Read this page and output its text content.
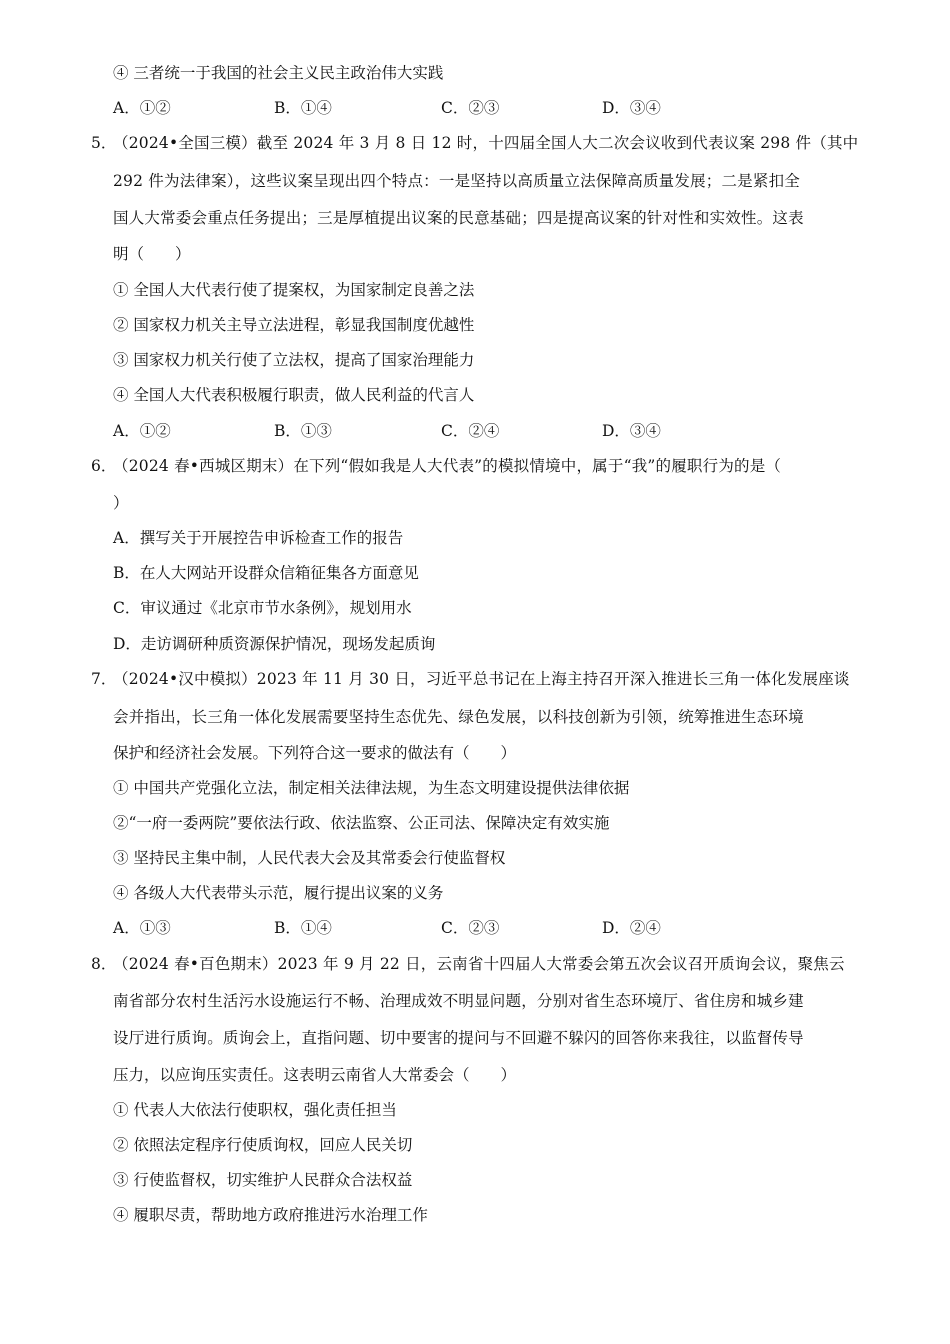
④ 三者统一于我国的社会主义民主政治伟大实践
A．①②	B．①④	C．②③	D．③④
5．
（2024•全国三模）截至 2024 年 3 月 8 日 12 时，十四届全国人大二次会议收到代表议案 298 件（其中
292 件为法律案），这些议案呈现出四个特点：一是坚持以高质量立法保障高质量发展；二是紧扣全
国人大常委会重点任务提出；三是厚植提出议案的民意基础；四是提高议案的针对性和实效性。这表
明（　　）
① 全国人大代表行使了提案权，为国家制定良善之法
② 国家权力机关主导立法进程，彰显我国制度优越性
③ 国家权力机关行使了立法权，提高了国家治理能力
④ 全国人大代表积极履行职责，做人民利益的代言人
A．①②	B．①③	C．②④	D．③④
6．
（2024 春•西城区期末）在下列“假如我是人大代表”的模拟情境中，属于“我”的履职行为的是（
）
A．撰写关于开展控告申诉检查工作的报告
B．在人大网站开设群众信箱征集各方面意见
C．审议通过《北京市节水条例》，规划用水
D．走访调研种质资源保护情况，现场发起质询
7．
（2024•汉中模拟）2023 年 11 月 30 日，习近平总书记在上海主持召开深入推进长三角一体化发展座谈
会并指出，长三角一体化发展需要坚持生态优先、绿色发展，以科技创新为引领，统筹推进生态环境
保护和经济社会发展。下列符合这一要求的做法有（　　）
① 中国共产党强化立法，制定相关法律法规，为生态文明建设提供法律依据
②“一府一委两院”要依法行政、依法监察、公正司法、保障决定有效实施
③ 坚持民主集中制，人民代表大会及其常委会行使监督权
④ 各级人大代表带头示范，履行提出议案的义务
A．①③	B．①④	C．②③	D．②④
8．
（2024 春•百色期末）2023 年 9 月 22 日，云南省十四届人大常委会第五次会议召开质询会议，聚焦云
南省部分农村生活污水设施运行不畅、治理成效不明显问题，分别对省生态环境厅、省住房和城乡建
设厅进行质询。质询会上，直指问题、切中要害的提问与不回避不躲闪的回答你来我往，以监督传导
压力，以应询压实责任。这表明云南省人大常委会（　　）
① 代表人大依法行使职权，强化责任担当
② 依照法定程序行使质询权，回应人民关切
③ 行使监督权，切实维护人民群众合法权益
④ 履职尽责，帮助地方政府推进污水治理工作
